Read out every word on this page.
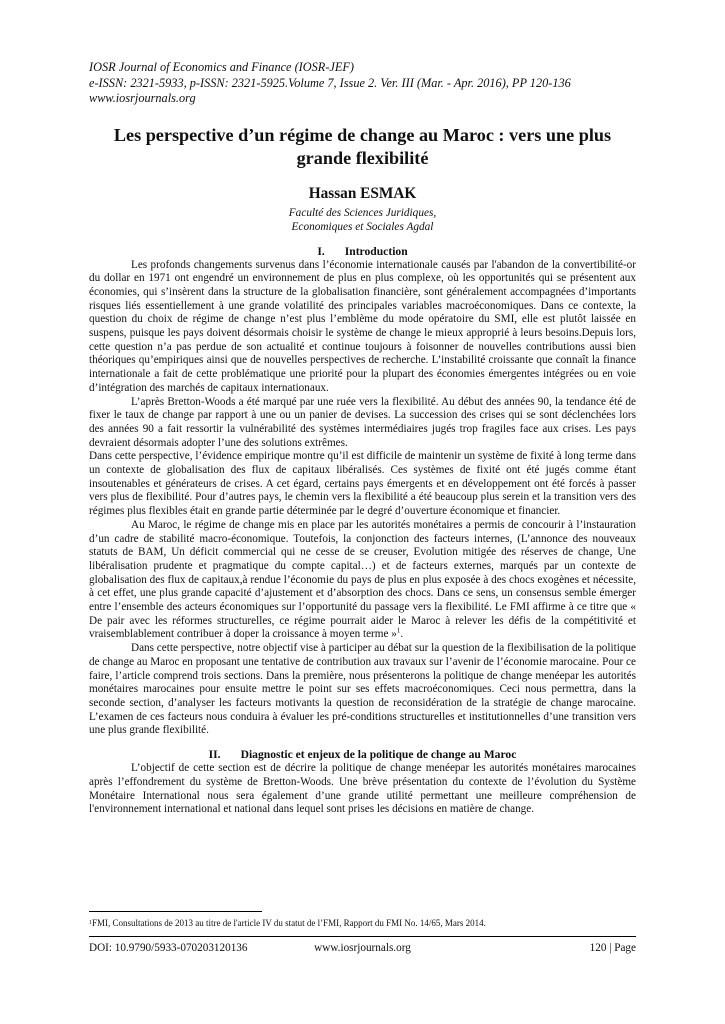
IOSR Journal of Economics and Finance (IOSR-JEF)
e-ISSN: 2321-5933, p-ISSN: 2321-5925.Volume 7, Issue 2. Ver. III (Mar. - Apr. 2016), PP 120-136
www.iosrjournals.org
Les perspective d’un régime de change au Maroc : vers une plus grande flexibilité
Hassan ESMAK
Faculté des Sciences Juridiques,
Economiques et Sociales Agdal
I. Introduction

Les profonds changements survenus dans l’économie internationale causés par l'abandon de la convertibilité-or du dollar en 1971 ont engendré un environnement de plus en plus complexe, où les opportunités qui se présentent aux économies, qui s’insèrent dans la structure de la globalisation financière, sont généralement accompagnées d’importants risques liés essentiellement à une grande volatilité des principales variables macroéconomiques. Dans ce contexte, la question du choix de régime de change n’est plus l’emblème du mode opératoire du SMI, elle est plutôt laissée en suspens, puisque les pays doivent désormais choisir le système de change le mieux approprié à leurs besoins.Depuis lors, cette question n’a pas perdue de son actualité et continue toujours à foisonner de nouvelles contributions aussi bien théoriques qu’empiriques ainsi que de nouvelles perspectives de recherche. L’instabilité croissante que connaît la finance internationale a fait de cette problématique une priorité pour la plupart des économies émergentes intégrées ou en voie d’intégration des marchés de capitaux internationaux.

L’après Bretton-Woods a été marqué par une ruée vers la flexibilité. Au début des années 90, la tendance été de fixer le taux de change par rapport à une ou un panier de devises. La succession des crises qui se sont déclenchées lors des années 90 a fait ressortir la vulnérabilité des systèmes intermédiaires jugés trop fragiles face aux crises. Les pays devraient désormais adopter l’une des solutions extrêmes.

Dans cette perspective, l’évidence empirique montre qu’il est difficile de maintenir un système de fixité à long terme dans un contexte de globalisation des flux de capitaux libéralisés. Ces systèmes de fixité ont été jugés comme étant insoutenables et générateurs de crises. A cet égard, certains pays émergents et en développement ont été forcés à passer vers plus de flexibilité. Pour d’autres pays, le chemin vers la flexibilité a été beaucoup plus serein et la transition vers des régimes plus flexibles était en grande partie déterminée par le degré d’ouverture économique et financier.

Au Maroc, le régime de change mis en place par les autorités monétaires a permis de concourir à l’instauration d’un cadre de stabilité macro-économique. Toutefois, la conjonction des facteurs internes, (L’annonce des nouveaux statuts de BAM, Un déficit commercial qui ne cesse de se creuser, Evolution mitigée des réserves de change, Une libéralisation prudente et pragmatique du compte capital…) et de facteurs externes, marqués par un contexte de globalisation des flux de capitaux,à rendue l’économie du pays de plus en plus exposée à des chocs exogènes et nécessite, à cet effet, une plus grande capacité d’ajustement et d’absorption des chocs. Dans ce sens, un consensus semble émerger entre l’ensemble des acteurs économiques sur l’opportunité du passage vers la flexibilité. Le FMI affirme à ce titre que « De pair avec les réformes structurelles, ce régime pourrait aider le Maroc à relever les défis de la compétitivité et vraisemblablement contribuer à doper la croissance à moyen terme »$^1$.

Dans cette perspective, notre objectif vise à participer au débat sur la question de la flexibilisation de la politique de change au Maroc en proposant une tentative de contribution aux travaux sur l’avenir de l’économie marocaine. Pour ce faire, l’article comprend trois sections. Dans la première, nous présenterons la politique de change menéepar les autorités monétaires marocaines pour ensuite mettre le point sur ses effets macroéconomiques. Ceci nous permettra, dans la seconde section, d’analyser les facteurs motivants la question de reconsidération de la stratégie de change marocaine. L’examen de ces facteurs nous conduira à évaluer les pré-conditions structurelles et institutionnelles d’une transition vers une plus grande flexibilité.

II. Diagnostic et enjeux de la politique de change au Maroc

L’objectif de cette section est de décrire la politique de change menéepar les autorités monétaires marocaines après l’effondrement du système de Bretton-Woods. Une brève présentation du contexte de l’évolution du Système Monétaire International nous sera également d’une grande utilité permettant une meilleure compréhension de l'environnement international et national dans lequel sont prises les décisions en matière de change.

$^1$FMI, Consultations de 2013 au titre de l'article IV du statut de l’FMI, Rapport du FMI No. 14/65, Mars 2014.
DOI: 10.9790/5933-070203120136	www.iosrjournals.org	120 | Page
